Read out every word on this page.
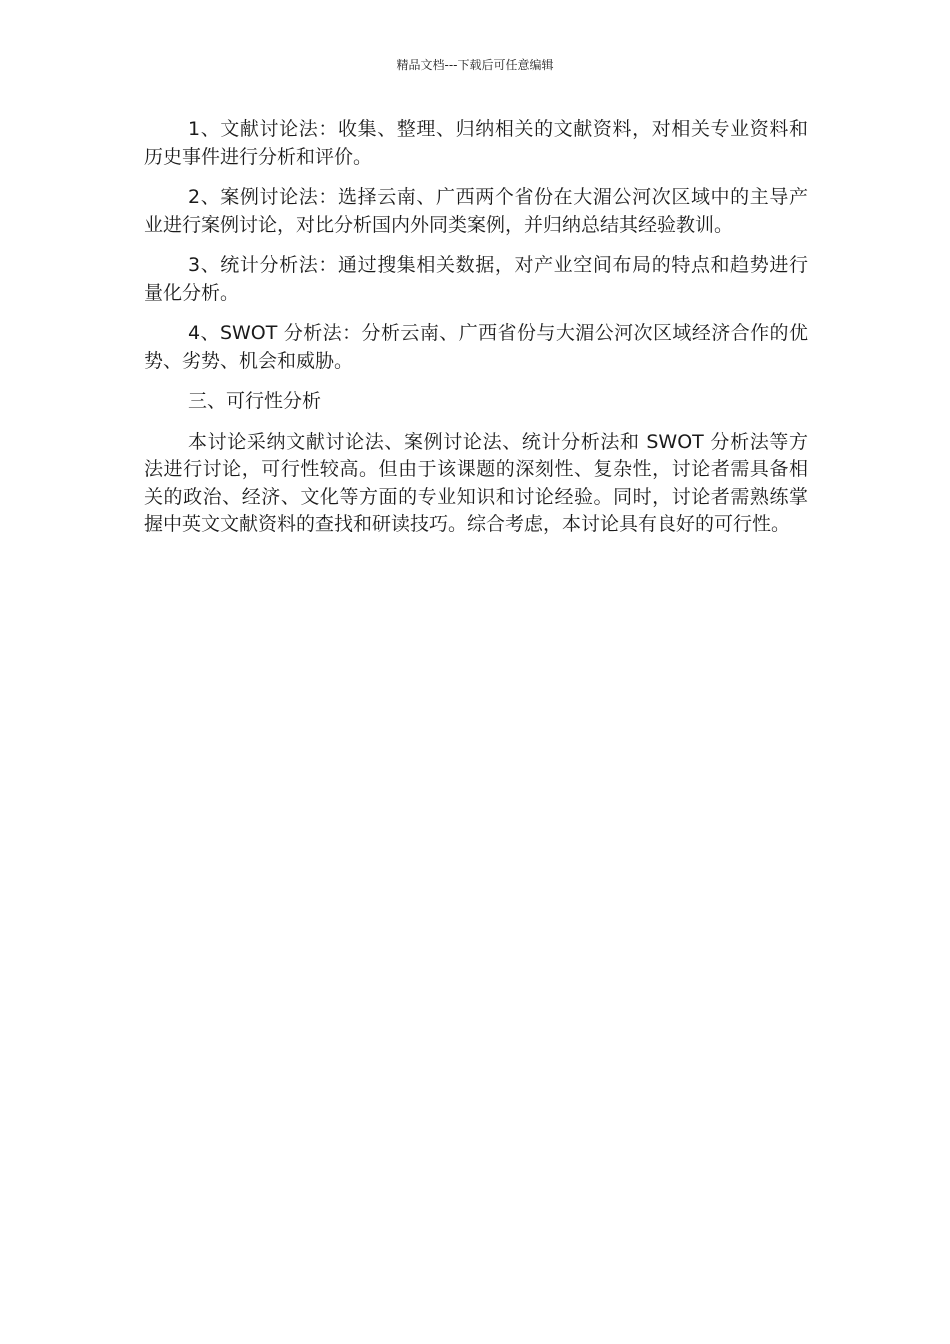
精品文档---下载后可任意编辑

1、文献讨论法：收集、整理、归纳相关的文献资料，对相关专业资料和历史事件进行分析和评价。

2、案例讨论法：选择云南、广西两个省份在大湄公河次区域中的主导产业进行案例讨论，对比分析国内外同类案例，并归纳总结其经验教训。

3、统计分析法：通过搜集相关数据，对产业空间布局的特点和趋势进行量化分析。

4、SWOT 分析法：分析云南、广西省份与大湄公河次区域经济合作的优势、劣势、机会和威胁。

三、可行性分析

本讨论采纳文献讨论法、案例讨论法、统计分析法和 SWOT 分析法等方法进行讨论，可行性较高。但由于该课题的深刻性、复杂性，讨论者需具备相关的政治、经济、文化等方面的专业知识和讨论经验。同时，讨论者需熟练掌握中英文文献资料的查找和研读技巧。综合考虑，本讨论具有良好的可行性。
